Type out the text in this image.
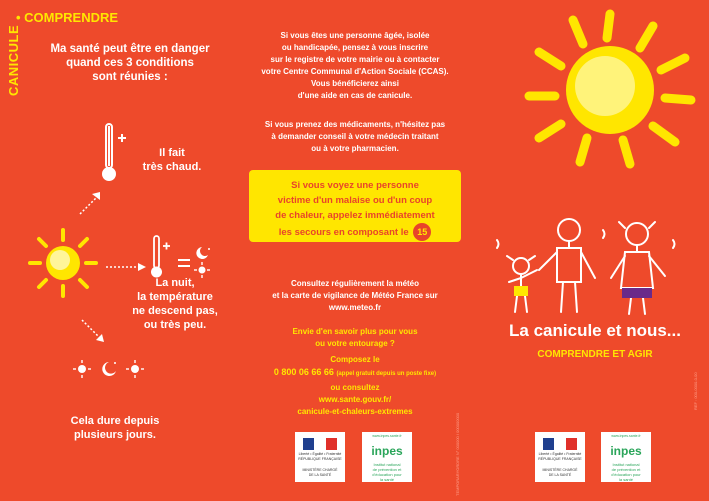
CANICULE
• COMPRENDRE
Ma santé peut être en danger
quand ces 3 conditions
sont réunies :
Il fait
très chaud.
La nuit,
la température
ne descend pas,
ou très peu.
Cela dure depuis
plusieurs jours.
Si vous êtes une personne âgée, isolée
ou handicapée, pensez à vous inscrire
sur le registre de votre mairie ou à contacter
votre Centre Communal d'Action Sociale (CCAS).
Vous bénéficierez ainsi
d'une aide en cas de canicule.
Si vous prenez des médicaments, n'hésitez pas
à demander conseil à votre médecin traitant
ou à votre pharmacien.
Si vous voyez une personne
victime d'un malaise ou d'un coup
de chaleur, appelez immédiatement
les secours en composant le 15
Consultez régulièrement la météo
et la carte de vigilance de Météo France sur
www.meteo.fr
Envie d'en savoir plus pour vous
ou votre entourage ?
Composez le
0 800 06 66 66 (appel gratuit depuis un poste fixe)
ou consultez
www.sante.gouv.fr/
canicule-et-chaleurs-extremes
TEMPORARYORDRE N° 000000 / 000000000
Liberté • Égalité • Fraternité
RÉPUBLIQUE FRANÇAISE
MINISTÈRE CHARGÉ
DE LA SANTÉ
www.inpes.sante.fr
inpes
Institut national
de prévention et
d'éducation pour
la santé
La canicule et nous...
COMPRENDRE ET AGIR
REF : 000-0000-0-00
Liberté • Égalité • Fraternité
RÉPUBLIQUE FRANÇAISE
MINISTÈRE CHARGÉ
DE LA SANTÉ
www.inpes.sante.fr
inpes
Institut national
de prévention et
d'éducation pour
la santé
